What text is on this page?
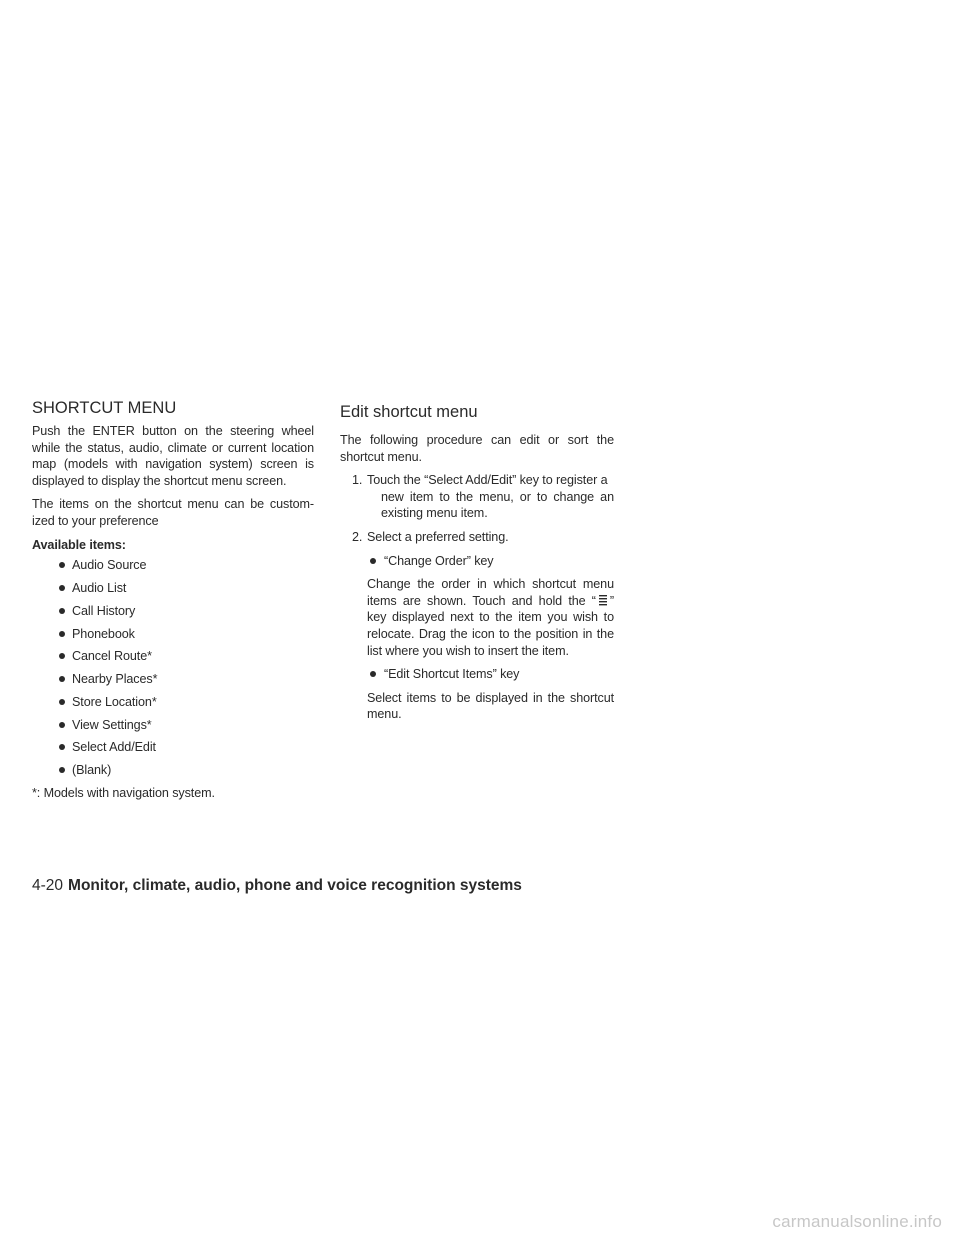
SHORTCUT MENU

Push the ENTER button on the steering wheel while the status, audio, climate or current location map (models with navigation system) screen is displayed to display the shortcut menu screen.

The items on the shortcut menu can be custom-ized to your preference

Available items:
Audio Source
Audio List
Call History
Phonebook
Cancel Route*
Nearby Places*
Store Location*
View Settings*
Select Add/Edit
(Blank)
*: Models with navigation system.
Edit shortcut menu

The following procedure can edit or sort the shortcut menu.

1. Touch the “Select Add/Edit” key to register a
new item to the menu, or to change an existing menu item.
2. Select a preferred setting.
“Change Order” key

Change the order in which shortcut menu items are shown. Touch and hold the “ ” key displayed next to the item you wish to relocate. Drag the icon to the position in the list where you wish to insert the item.

“Edit Shortcut Items” key

Select items to be displayed in the shortcut menu.

4-20 Monitor, climate, audio, phone and voice recognition systems
carmanualsonline.info
